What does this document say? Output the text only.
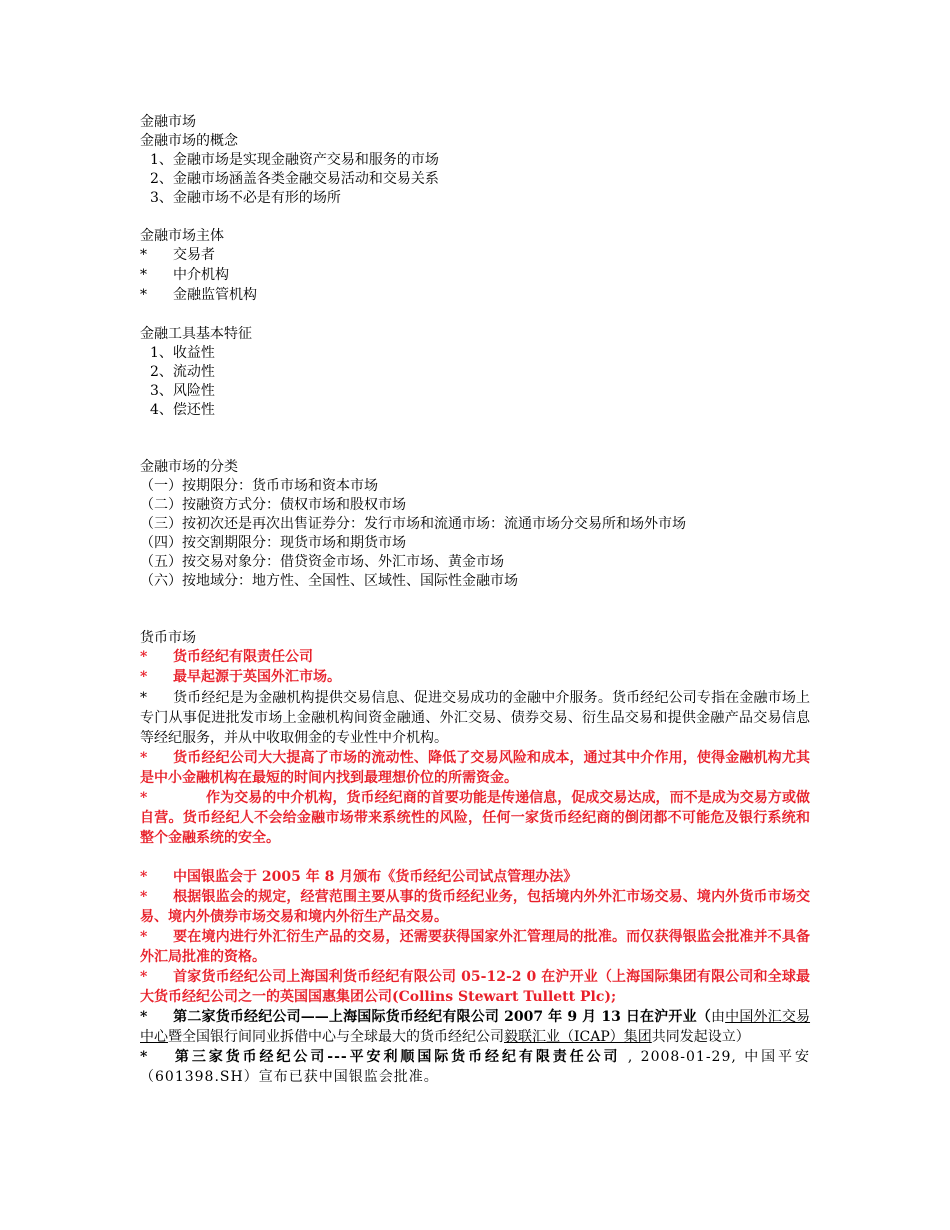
金融市场
金融市场的概念
1、金融市场是实现金融资产交易和服务的市场
2、金融市场涵盖各类金融交易活动和交易关系
3、金融市场不必是有形的场所
金融市场主体
*	交易者
*	中介机构
*	金融监管机构
金融工具基本特征
1、收益性
2、流动性
3、风险性
4、偿还性
金融市场的分类
（一）按期限分：货币市场和资本市场
（二）按融资方式分：债权市场和股权市场
（三）按初次还是再次出售证券分：发行市场和流通市场：流通市场分交易所和场外市场
（四）按交割期限分：现货市场和期货市场
（五）按交易对象分：借贷资金市场、外汇市场、黄金市场
（六）按地域分：地方性、全国性、区域性、国际性金融市场
货币市场
*	货币经纪有限责任公司
*	最早起源于英国外汇市场。
* 货币经纪是为金融机构提供交易信息、促进交易成功的金融中介服务。货币经纪公司专指在金融市场上专门从事促进批发市场上金融机构间资金融通、外汇交易、债券交易、衍生品交易和提供金融产品交易信息等经纪服务，并从中收取佣金的专业性中介机构。
* 货币经纪公司大大提高了市场的流动性、降低了交易风险和成本，通过其中介作用，使得金融机构尤其是中小金融机构在最短的时间内找到最理想价位的所需资金。
*	作为交易的中介机构，货币经纪商的首要功能是传递信息，促成交易达成，而不是成为交易方或做自营。货币经纪人不会给金融市场带来系统性的风险，任何一家货币经纪商的倒闭都不可能危及银行系统和整个金融系统的安全。
* 中国银监会于 2005 年 8 月颁布《货币经纪公司试点管理办法》
* 根据银监会的规定，经营范围主要从事的货币经纪业务，包括境内外外汇市场交易、境内外货币市场交易、境内外债券市场交易和境内外衍生产品交易。
* 要在境内进行外汇衍生产品的交易，还需要获得国家外汇管理局的批准。而仅获得银监会批准并不具备外汇局批准的资格。
* 首家货币经纪公司上海国利货币经纪有限公司 05-12-2 0 在沪开业（上海国际集团有限公司和全球最大货币经纪公司之一的英国国惠集团公司(Collins Stewart Tullett Plc);
* 第二家货币经纪公司——上海国际货币经纪有限公司 2007 年 9 月 13 日在沪开业（由中国外汇交易中心暨全国银行间同业拆借中心与全球最大的货币经纪公司毅联汇业（ICAP）集团共同发起设立）
* 第三家货币经纪公司---平安利顺国际货币经纪有限责任公司 , 2008-01-29, 中国平安（601398.SH）宣布已获中国银监会批准。
